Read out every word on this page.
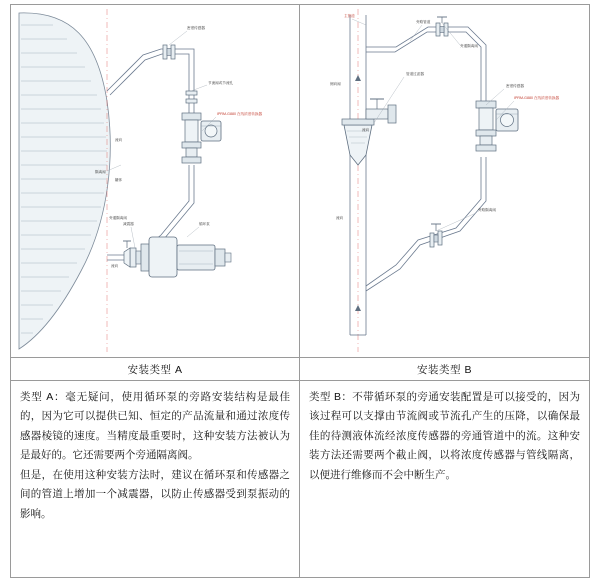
密度传感器
节流阀或节流孔
IPRM-G880 在线浓度转换器
流向
循环泵
旁通隔离阀
隔离阀
流向
减震器
罐体
主管道
旁路管道
旁通隔离阀
密度传感器
管道过滤器
IPRM-G880 在线浓度转换器
侧向阀
流向
流向
旁路隔离阀
安装类型 A	安装类型 B

类型 A：毫无疑问，使用循环泵的旁路安装结构是最佳的，因为它可以提供已知、恒定的产品流量和通过浓度传感器棱镜的速度。当精度最重要时，这种安装方法被认为是最好的。它还需要两个旁通隔离阀。

但是，在使用这种安装方法时，建议在循环泵和传感器之间的管道上增加一个减震器，以防止传感器受到泵振动的影响。

类型 B：不带循环泵的旁通安装配置是可以接受的，因为该过程可以支撑由节流阀或节流孔产生的压降，以确保最佳的待测液体流经浓度传感器的旁通管道中的流。这种安装方法还需要两个截止阀，以将浓度传感器与管线隔离，以便进行维修而不会中断生产。
